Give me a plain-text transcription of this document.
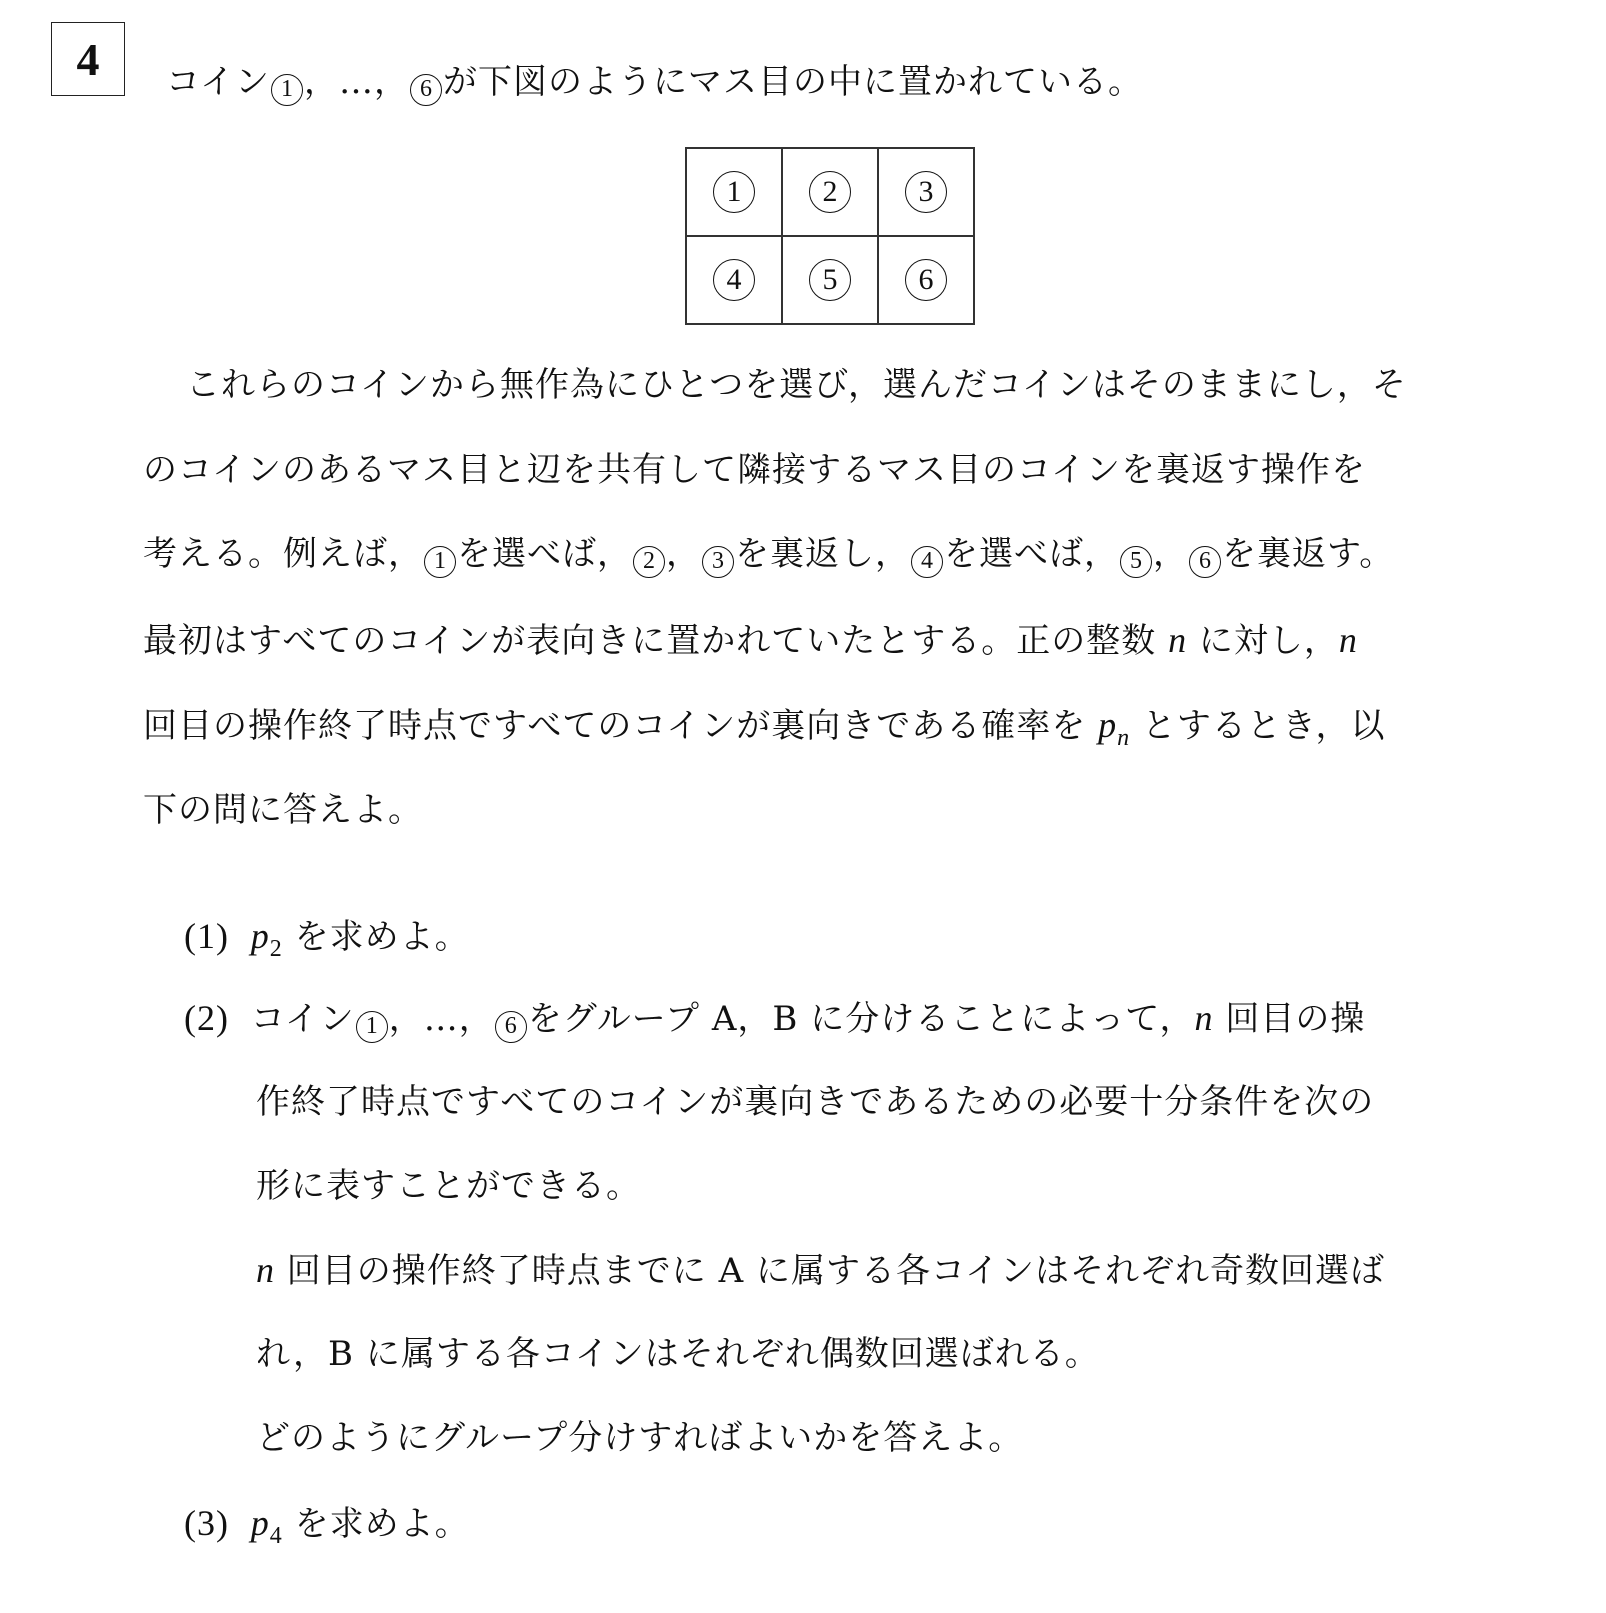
4 コイン 1 ，…， 6 が下図のようにマス目の中に置かれている。
1	2	3
4	5	6
これらのコインから無作為にひとつを選び，選んだコインはそのままにし，そ
のコインのあるマス目と辺を共有して隣接するマス目のコインを裏返す操作を
考える。例えば， 1 を選べば， 2 ， 3 を裏返し， 4 を選べば， 5 ， 6 を裏返す。
最初はすべてのコインが表向きに置かれていたとする。正の整数 n に対し，n
回目の操作終了時点ですべてのコインが裏向きである確率を $p_n$ とするとき，以
下の問に答えよ。
(1) $p_2$ を求めよ。
(2) コイン 1 ，…， 6 をグループ A，B に分けることによって，n 回目の操
作終了時点ですべてのコインが裏向きであるための必要十分条件を次の
形に表すことができる。
n 回目の操作終了時点までに A に属する各コインはそれぞれ奇数回選ば
れ，B に属する各コインはそれぞれ偶数回選ばれる。
どのようにグループ分けすればよいかを答えよ。
(3) $p_4$ を求めよ。
